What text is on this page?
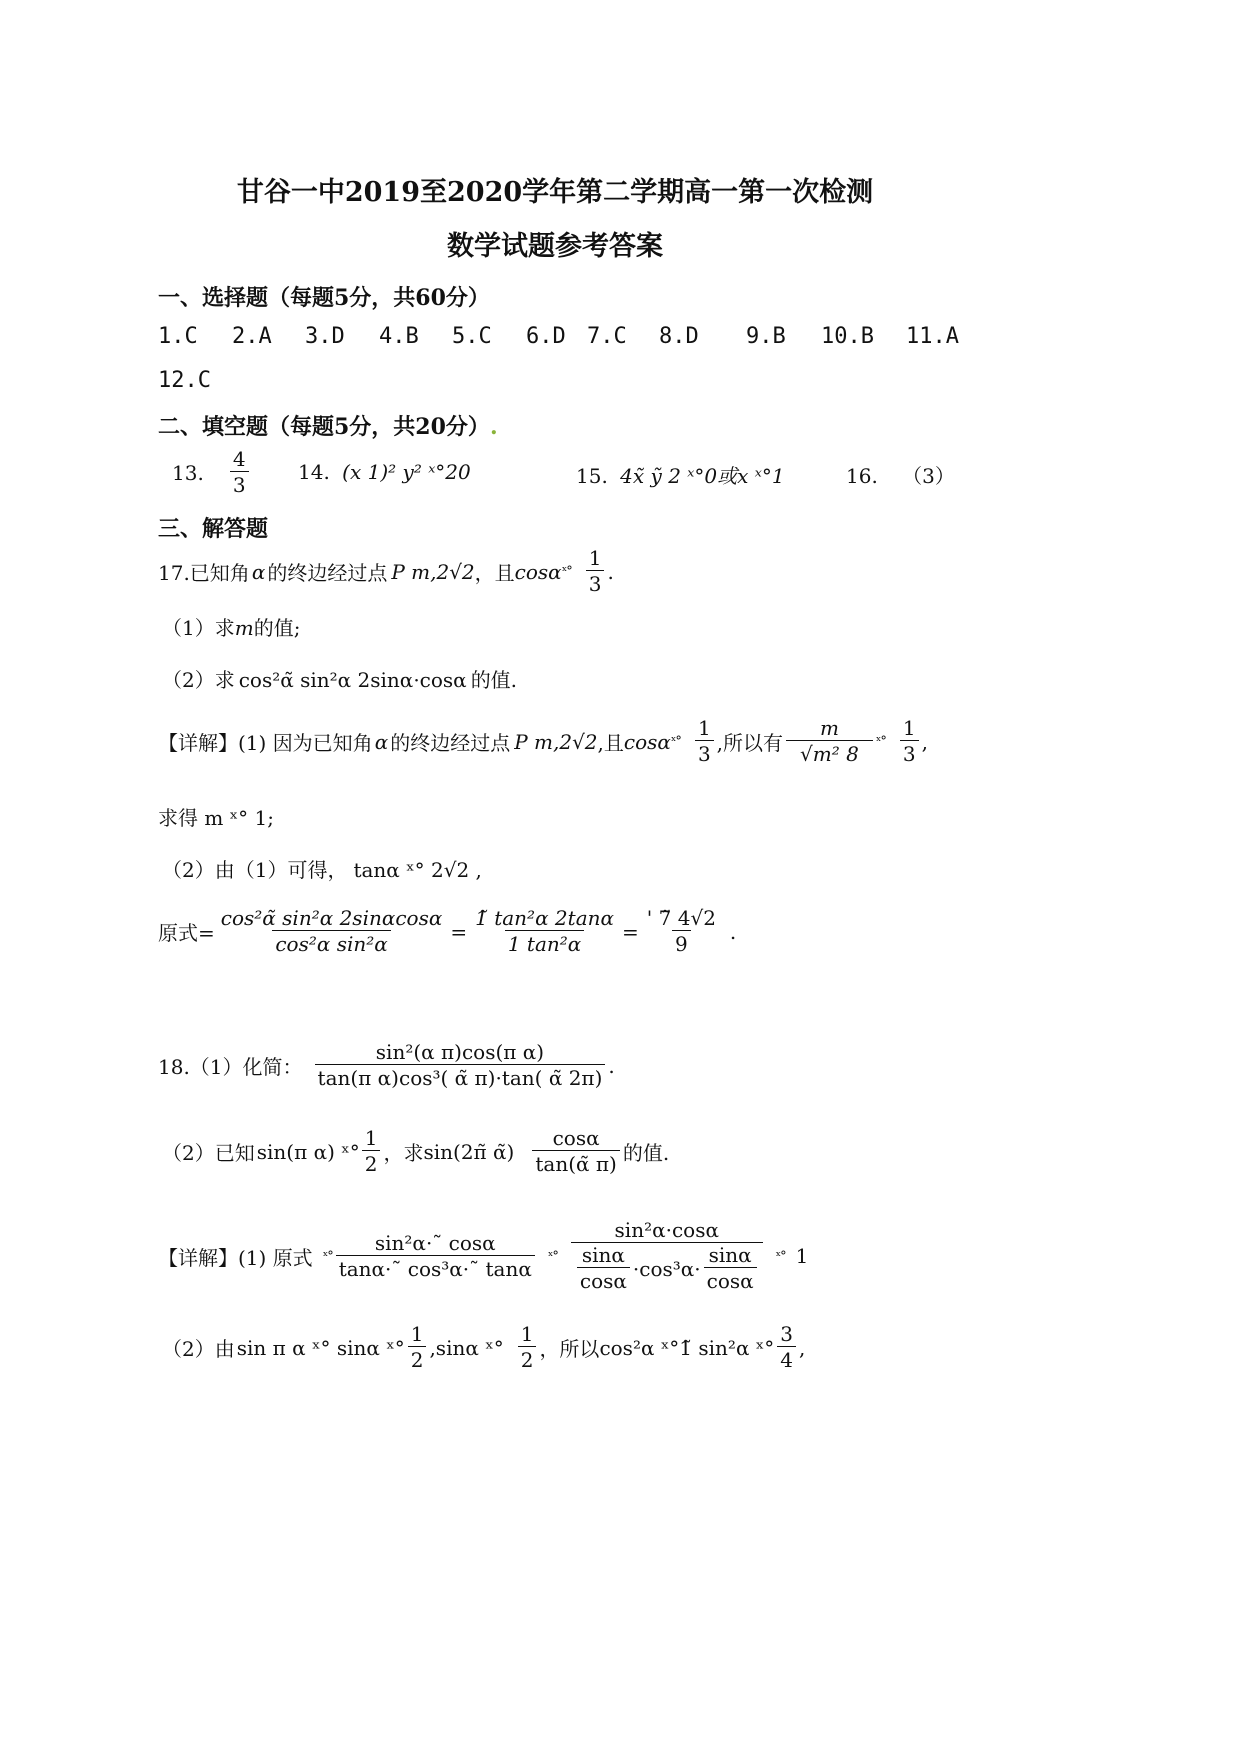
甘谷一中2019至2020学年第二学期高一第一次检测
数学试题参考答案
一、选择题（每题5分，共60分）
1.C 2.A 3.D 4.B 5.C 6.D 7.C 8.D 9.B 10.B 11.A
12.C
二、填空题（每题5分，共20分）.
13. $\frac{4}{3} 14$. (x 1)² y² ˣ°20	15. 4x̃ ỹ 2 ˣ°0或x ˣ°1	16. （3）
三、解答题
17.已知角 α 的终边经过点 P m,2√2 ，且 cosα ˣ° $\frac{1}{3}$ .
（1）求m的值;
（2）求 cos²α̃ sin²α 2sinα·cosα 的值.
【详解】 (1) 因为已知角 α 的终边经过点 P m,2√2 ,且 cosα ˣ° $\frac{1}{3}$ ,所以有 $\frac{m}{\text{√m² 8}}$ ˣ° $\frac{1}{3}$ ,
求得 m ˣ° 1;
（2）由（1）可得， tanα ˣ° 2√2 ,
原式= $\frac{\text{cos²α̃ sin²α 2sinαcosα}}{\text{cos²α sin²α}} = \frac{\text{1̃ tan²α 2tanα}}{\text{1 tan²α}} = \frac{' 7̃ 4√2}{9}$ .
18.（1）化简： $\frac{\text{sin²(α π)cos(π α)}}{\text{tan(π α)cos³( α̃ π)·tan( α̃ 2π)}}$ .
（2）已知 sin(π α) ˣ° $\frac{1}{2}$ ，求 sin(2π̃ α̃) $\frac{\cos\alpha}{\tan(\alphã \pi)}$ 的值.
【详解】 (1) 原式 ˣ° $\frac{\text{sin²α·˜ cosα}}{\text{tanα·˜ cos³α·˜ tanα}}$ ˣ°
sin²α·cosα
$\frac{\sin\alpha}{\cos\alpha} \cdot\cos^3\alpha\cdot \frac{\sin\alpha}{\cos\alpha}$ ˣ° 1
（2）由 sin π α ˣ° sinα ˣ° $\frac{1}{2} ,\sin\alpha$ ˣ° $\frac{1}{2}$ ，所以 cos²α ˣ°1̃ sin²α ˣ° $\frac{3}{4}$ ,
